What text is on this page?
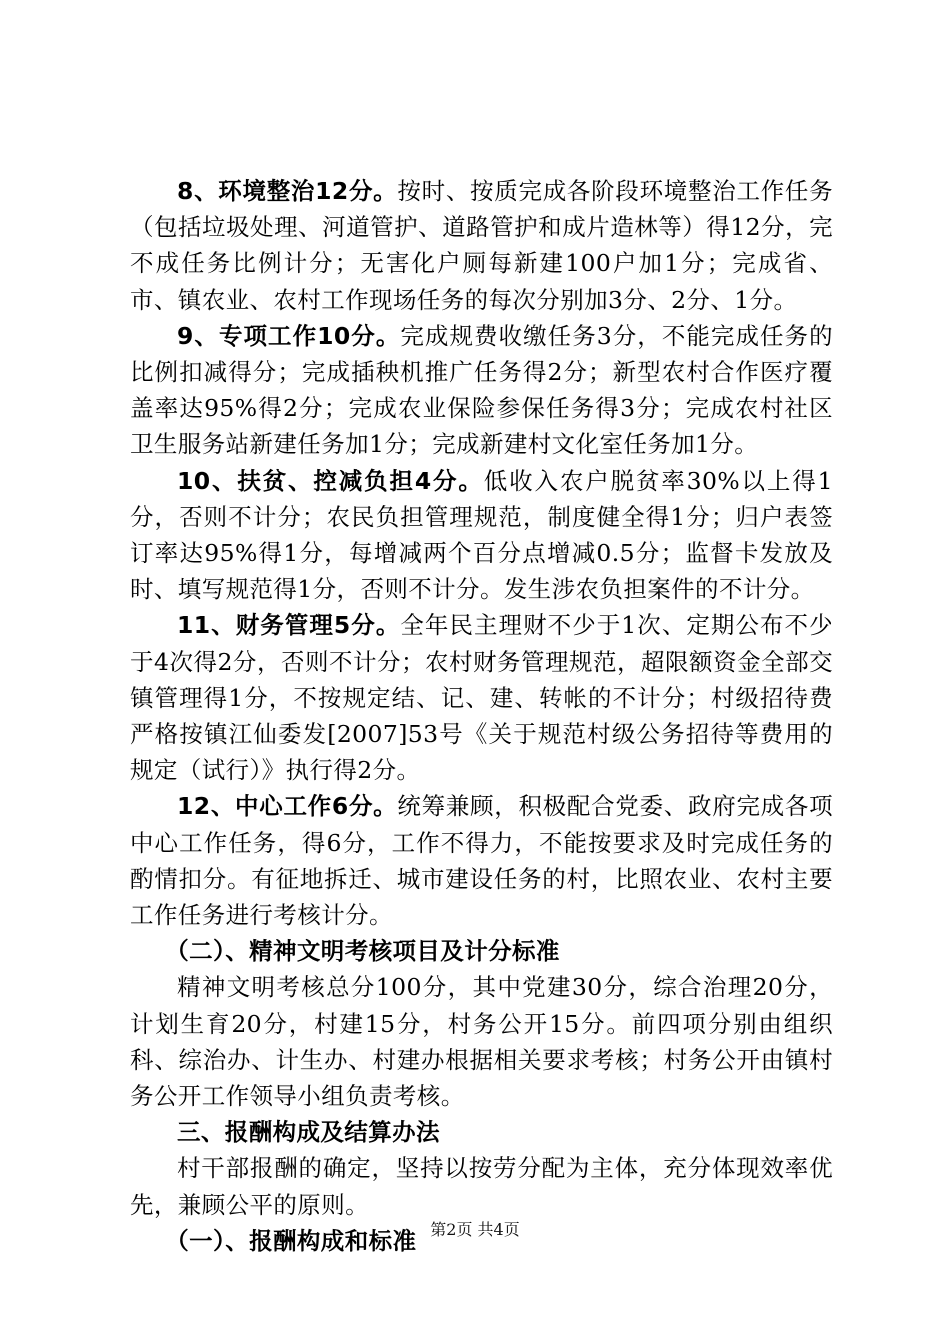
8、环境整治12分。按时、按质完成各阶段环境整治工作任务（包括垃圾处理、河道管护、道路管护和成片造林等）得12分，完不成任务比例计分；无害化户厕每新建100户加1分；完成省、市、镇农业、农村工作现场任务的每次分别加3分、2分、1分。

9、专项工作10分。完成规费收缴任务3分，不能完成任务的比例扣减得分；完成插秧机推广任务得2分；新型农村合作医疗覆盖率达95%得2分；完成农业保险参保任务得3分；完成农村社区卫生服务站新建任务加1分；完成新建村文化室任务加1分。

10、扶贫、控减负担4分。低收入农户脱贫率30%以上得1分，否则不计分；农民负担管理规范，制度健全得1分；归户表签订率达95%得1分，每增减两个百分点增减0.5分；监督卡发放及时、填写规范得1分，否则不计分。发生涉农负担案件的不计分。

11、财务管理5分。全年民主理财不少于1次、定期公布不少于4次得2分，否则不计分；农村财务管理规范，超限额资金全部交镇管理得1分，不按规定结、记、建、转帐的不计分；村级招待费严格按镇江仙委发[2007]53号《关于规范村级公务招待等费用的规定（试行）》执行得2分。

12、中心工作6分。统筹兼顾，积极配合党委、政府完成各项中心工作任务，得6分，工作不得力，不能按要求及时完成任务的酌情扣分。有征地拆迁、城市建设任务的村，比照农业、农村主要工作任务进行考核计分。

（二）、精神文明考核项目及计分标准

精神文明考核总分100分，其中党建30分，综合治理20分，计划生育20分，村建15分，村务公开15分。前四项分别由组织科、综治办、计生办、村建办根据相关要求考核；村务公开由镇村务公开工作领导小组负责考核。

三、报酬构成及结算办法

村干部报酬的确定，坚持以按劳分配为主体，充分体现效率优先，兼顾公平的原则。

（一）、报酬构成和标准 第2页 共4页
